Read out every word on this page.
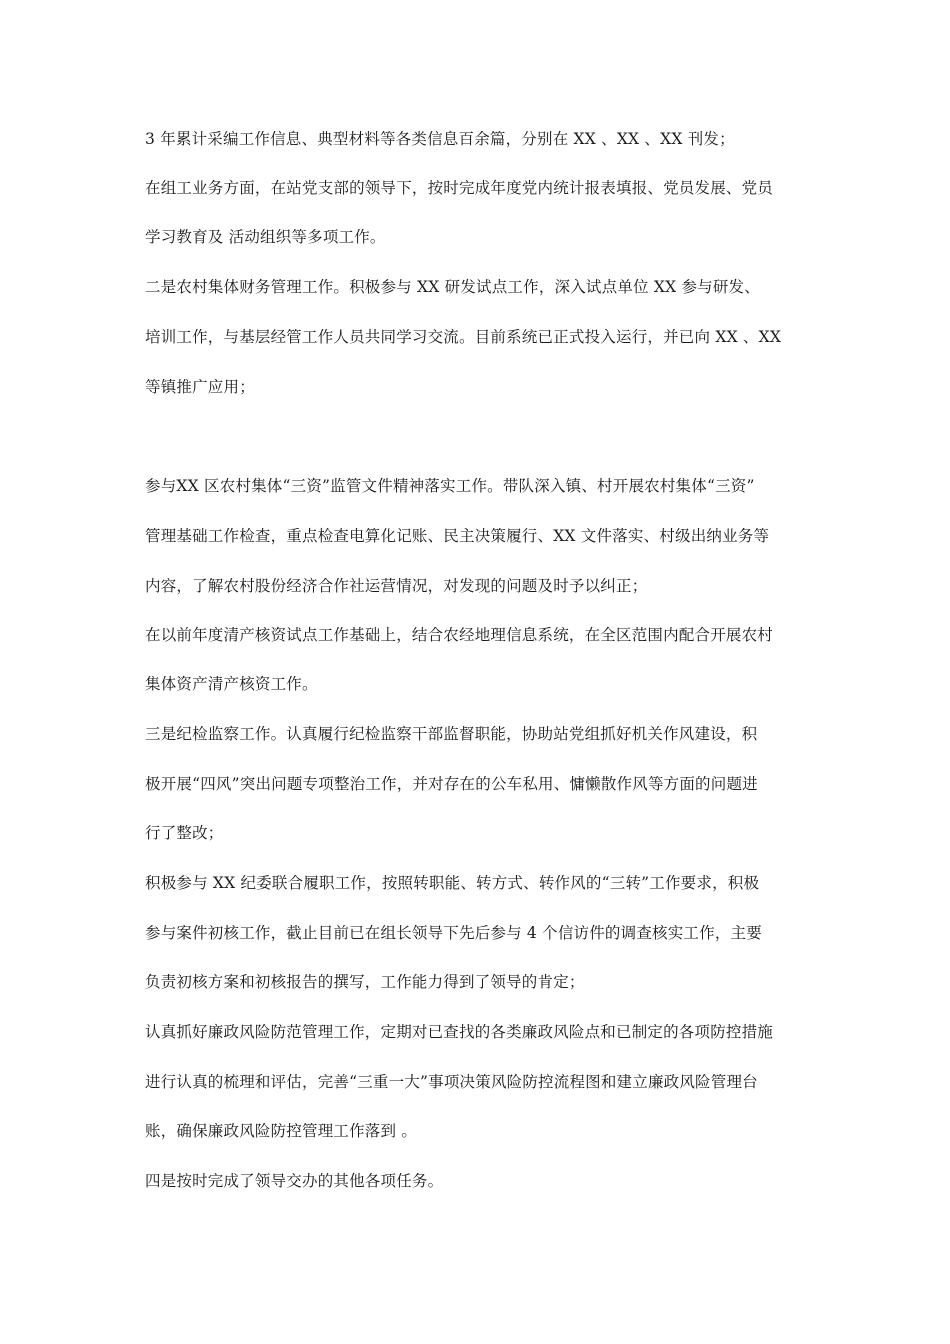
3 年累计采编工作信息、典型材料等各类信息百余篇，分别在 XX 、XX 、XX 刊发；
在组工业务方面，在站党支部的领导下，按时完成年度党内统计报表填报、党员发展、党员
学习教育及 活动组织等多项工作。
二是农村集体财务管理工作。积极参与 XX 研发试点工作，深入试点单位 XX 参与研发、
培训工作，与基层经管工作人员共同学习交流。目前系统已正式投入运行，并已向 XX 、XX
等镇推广应用；
参与XX 区农村集体“三资”监管文件精神落实工作。带队深入镇、村开展农村集体“三资”
管理基础工作检查，重点检查电算化记账、民主决策履行、XX 文件落实、村级出纳业务等
内容，了解农村股份经济合作社运营情况，对发现的问题及时予以纠正；
在以前年度清产核资试点工作基础上，结合农经地理信息系统，在全区范围内配合开展农村
集体资产清产核资工作。
三是纪检监察工作。认真履行纪检监察干部监督职能，协助站党组抓好机关作风建设，积
极开展“四风”突出问题专项整治工作，并对存在的公车私用、慵懒散作风等方面的问题进
行了整改；
积极参与 XX 纪委联合履职工作，按照转职能、转方式、转作风的“三转”工作要求，积极
参与案件初核工作，截止目前已在组长领导下先后参与 4 个信访件的调查核实工作，主要
负责初核方案和初核报告的撰写，工作能力得到了领导的肯定；
认真抓好廉政风险防范管理工作，定期对已查找的各类廉政风险点和已制定的各项防控措施
进行认真的梳理和评估，完善“三重一大”事项决策风险防控流程图和建立廉政风险管理台
账，确保廉政风险防控管理工作落到 。
四是按时完成了领导交办的其他各项任务。
